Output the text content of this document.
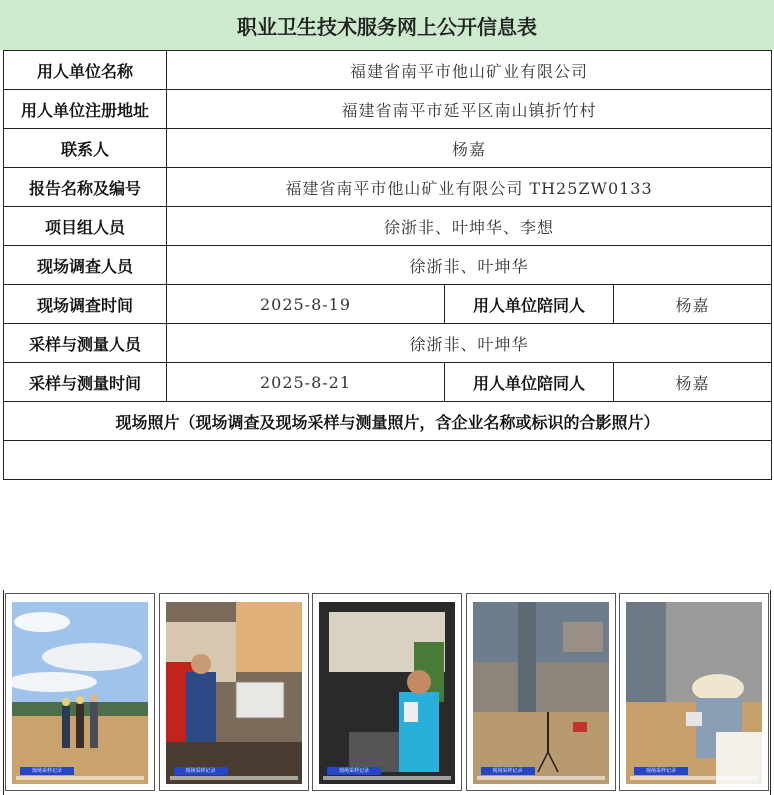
职业卫生技术服务网上公开信息表
用人单位名称	福建省南平市他山矿业有限公司		
用人单位注册地址	福建省南平市延平区南山镇折竹村		
联系人	杨嘉		
报告名称及编号	福建省南平市他山矿业有限公司 TH25ZW0133		
项目组人员	徐浙非、叶坤华、李想		
现场调查人员	徐浙非、叶坤华		
现场调查时间	2025-8-19	用人单位陪同人	杨嘉
采样与测量人员	徐浙非、叶坤华		
采样与测量时间	2025-8-21	用人单位陪同人	杨嘉
现场照片（现场调查及现场采样与测量照片，含企业名称或标识的合影照片）			

现场采样记录	现场采样记录	现场采样记录	现场采样记录	现场采样记录
